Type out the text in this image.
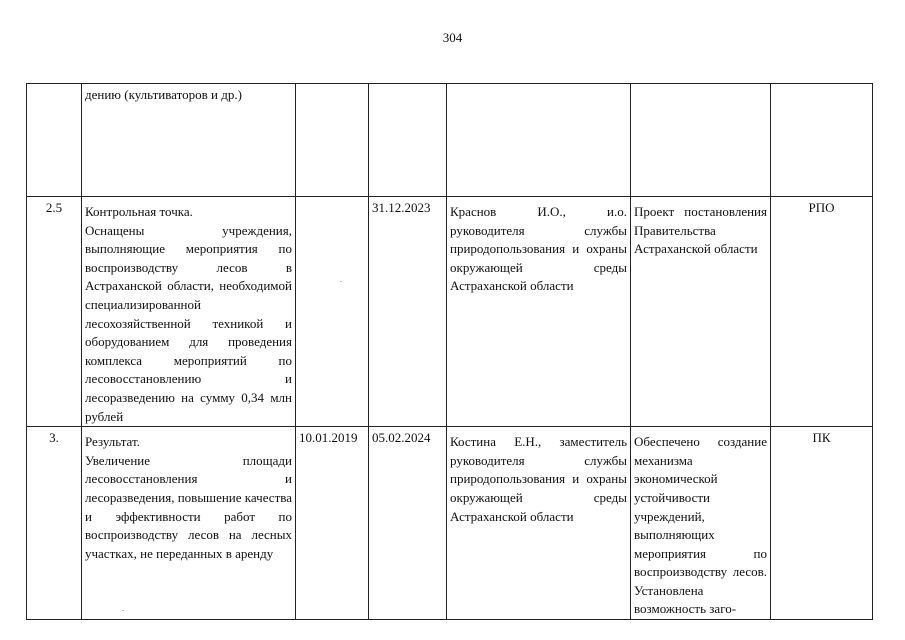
304
	дению (культиваторов и др.)					
2.5	Контрольная точка.
Оснащены учреждения, выполняющие мероприятия по воспроизводству лесов в Астраханской области, необходимой специализированной лесохозяйственной техникой и оборудованием для проведения комплекса мероприятий по лесовосстановлению и лесоразведению на сумму 0,34 млн рублей		31.12.2023	Краснов И.О., и.о. руководителя службы природопользования и охраны окружающей среды Астраханской области	Проект постановления Правительства Астраханской области	РПО
3.	Результат.
Увеличение площади лесовосстановления и лесоразведения, повышение качества и эффективности работ по воспроизводству лесов на лесных участках, не переданных в аренду	10.01.2019	05.02.2024	Костина Е.Н., заместитель руководителя службы природопользования и охраны окружающей среды Астраханской области	Обеспечено создание механизма экономической устойчивости учреждений, выполняющих мероприятия по воспроизводству лесов. Установлена возможность заго-	ПК
